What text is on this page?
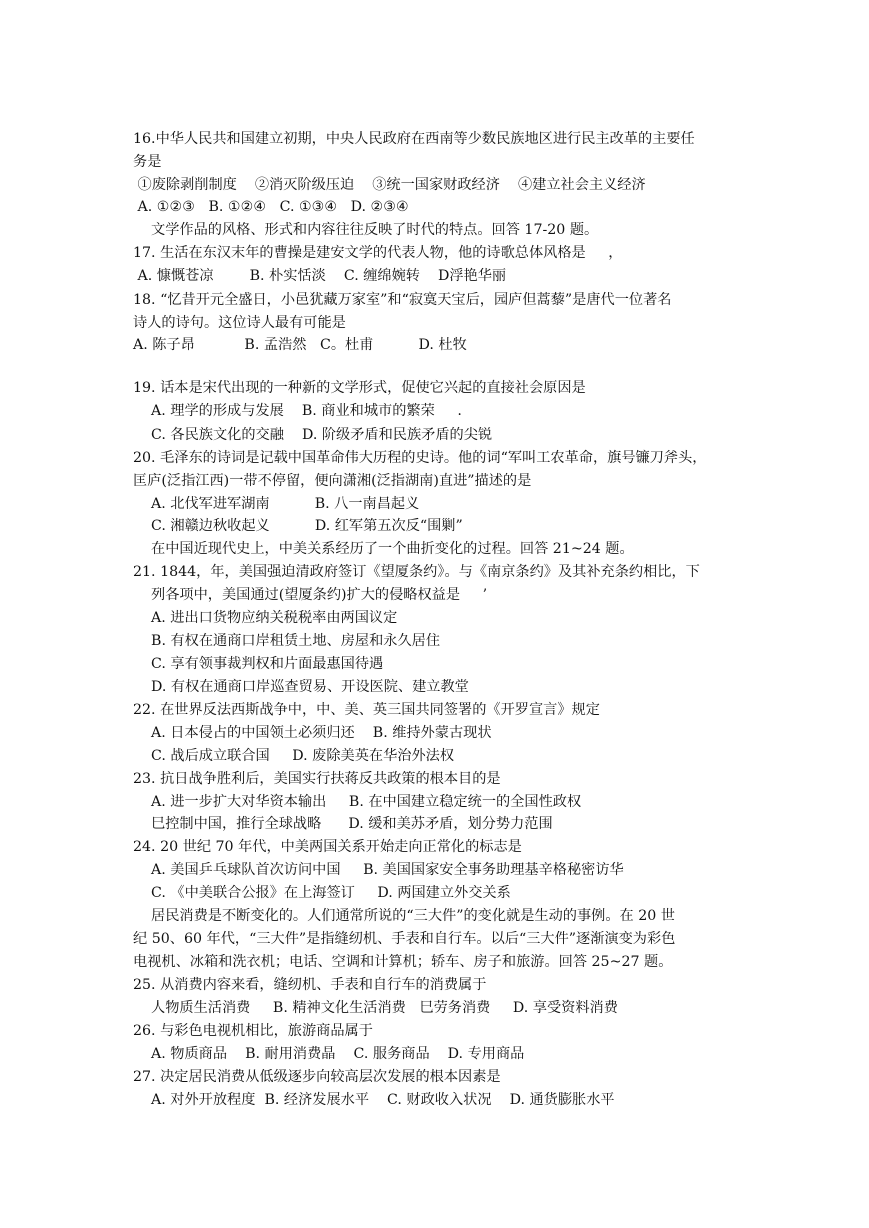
16.中华人民共和国建立初期，中央人民政府在西南等少数民族地区进行民主改革的主要任
务是
①废除剥削制度    ②消灭阶级压迫    ③统一国家财政经济    ④建立社会主义经济
A. ①②③   B. ①②④   C. ①③④   D. ②③④
文学作品的风格、形式和内容往往反映了时代的特点。回答 17-20 题。
17. 生活在东汉末年的曹操是建安文学的代表人物，他的诗歌总体风格是     ，
A. 慷慨苍凉        B. 朴实恬淡    C. 缠绵婉转    D浮艳华丽
18. “忆昔开元全盛日，小邑犹藏万家室”和“寂寞天宝后，园庐但蒿藜”是唐代一位著名
诗人的诗句。这位诗人最有可能是
A. 陈子昂           B. 孟浩然   C。杜甫          D. 杜牧
19. 话本是宋代出现的一种新的文学形式，促使它兴起的直接社会原因是
A. 理学的形成与发展    B. 商业和城市的繁荣     .
C. 各民族文化的交融    D. 阶级矛盾和民族矛盾的尖锐
20. 毛泽东的诗词是记载中国革命伟大历程的史诗。他的词“军叫工农革命，旗号镰刀斧头，
匡庐(泛指江西)一带不停留，便向潇湘(泛指湖南)直进”描述的是
A. 北伐军进军湖南          B. 八一南昌起义
C. 湘赣边秋收起义          D. 红军第五次反“围剿”
在中国近现代史上，中美关系经历了一个曲折变化的过程。回答 21~24 题。
21. 1844，年，美国强迫清政府签订《望厦条约》。与《南京条约》及其补充条约相比，下
列各项中，美国通过(望厦条约)扩大的侵略权益是     ’
A. 进出口货物应纳关税税率由两国议定
B. 有权在通商口岸租赁土地、房屋和永久居住
C. 享有领事裁判权和片面最惠国待遇
D. 有权在通商口岸巡查贸易、开设医院、建立教堂
22. 在世界反法西斯战争中，中、美、英三国共同签署的《开罗宣言》规定
A. 日本侵占的中国领土必须归还    B. 维持外蒙古现状
C. 战后成立联合国     D. 废除美英在华治外法权
23. 抗日战争胜利后，美国实行扶蒋反共政策的根本目的是
A. 进一步扩大对华资本输出     B. 在中国建立稳定统一的全国性政权
巳控制中国，推行全球战略      D. 缓和美苏矛盾，划分势力范围
24. 20 世纪 70 年代，中美两国关系开始走向正常化的标志是
A. 美国乒乓球队首次访问中国     B. 美国国家安全事务助理基辛格秘密访华
C. 《中美联合公报》在上海签订     D. 两国建立外交关系
居民消费是不断变化的。人们通常所说的“三大件”的变化就是生动的事例。在 20 世
纪 50、60 年代，“三大件”是指缝纫机、手表和自行车。以后“三大件”逐渐演变为彩色
电视机、冰箱和洗衣机；电话、空调和计算机；轿车、房子和旅游。回答 25~27 题。
25. 从消费内容来看，缝纫机、手表和自行车的消费属于
人物质生活消费     B. 精神文化生活消费   巳劳务消费     D. 享受资料消费
26. 与彩色电视机相比，旅游商品属于
A. 物质商品    B. 耐用消费晶    C. 服务商品    D. 专用商品
27. 决定居民消费从低级逐步向较高层次发展的根本因素是
A. 对外开放程度  B. 经济发展水平    C. 财政收入状况    D. 通货膨胀水平
